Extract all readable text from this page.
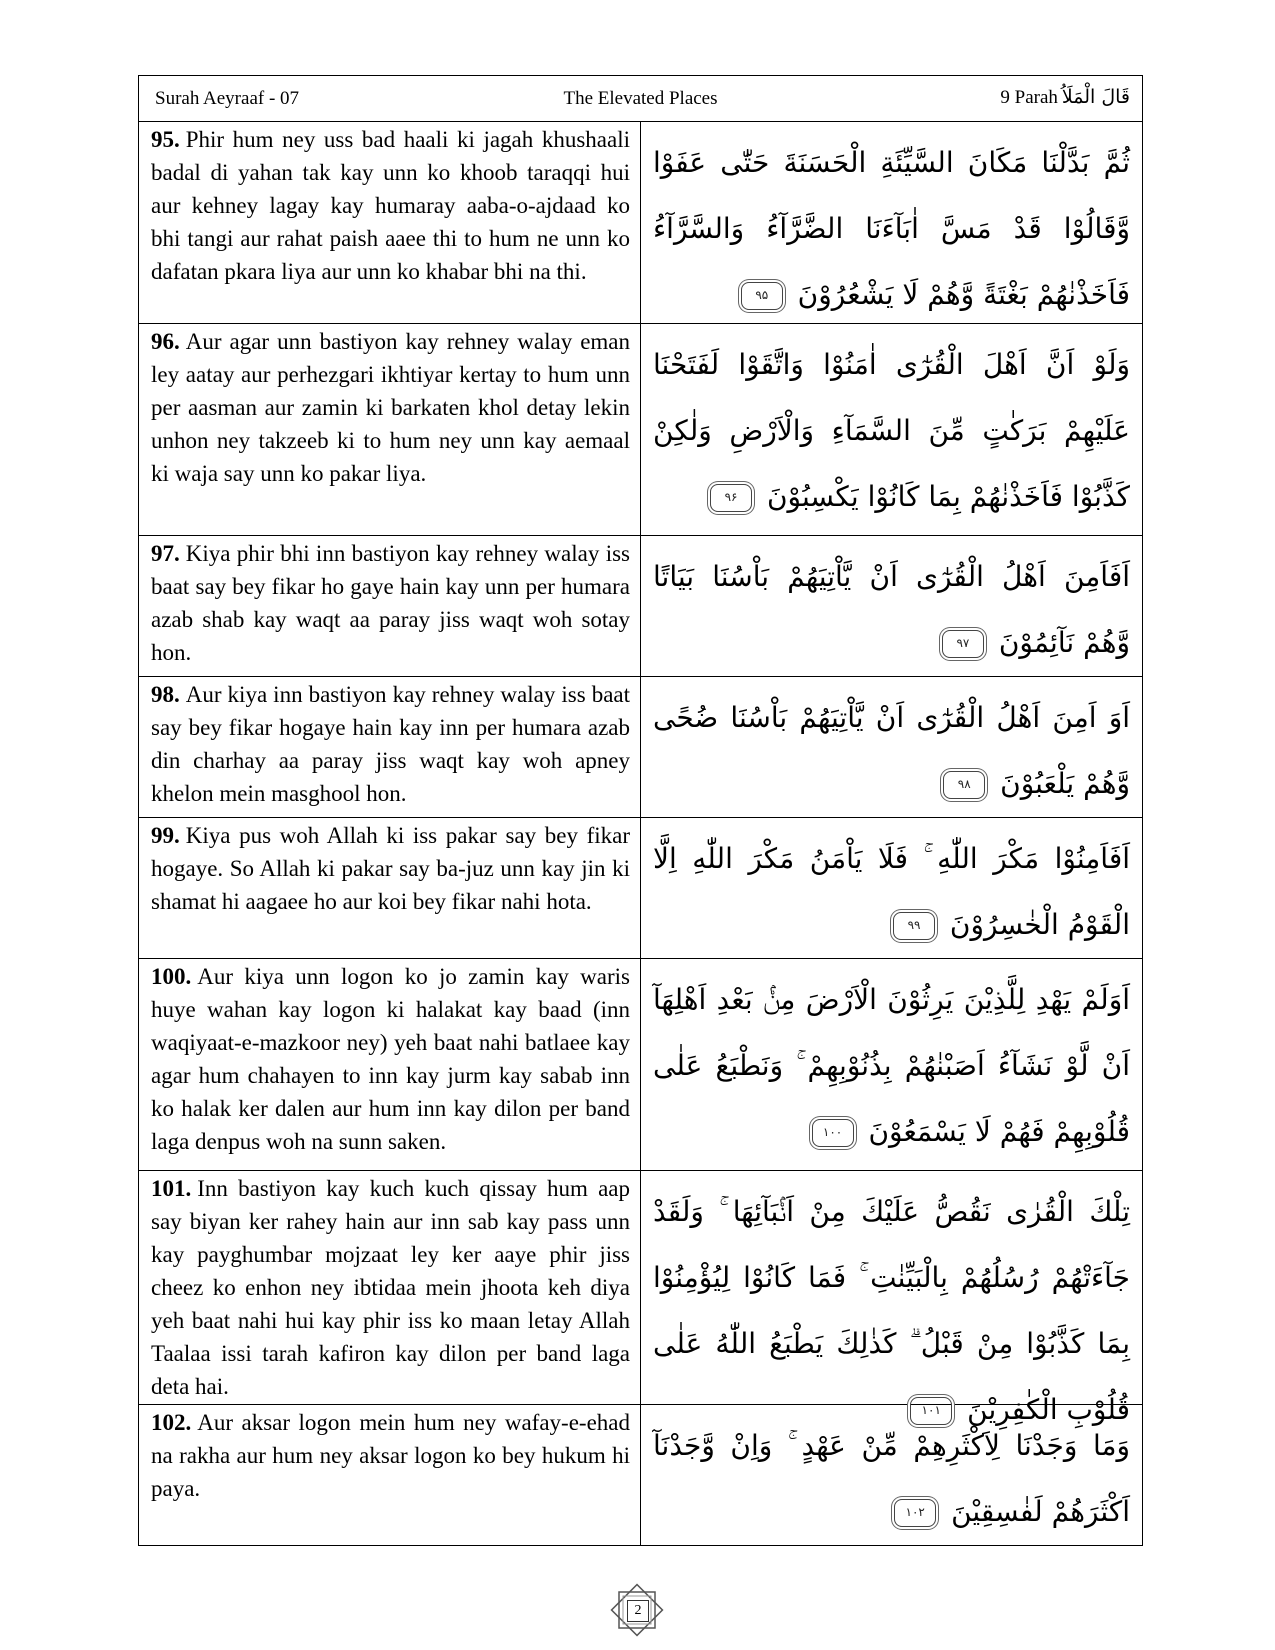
Surah Aeyraaf - 07	The Elevated Places	9 Parah قَالَ الْمَلَاُ
95. Phir hum ney uss bad haali ki jagah khushaali badal di yahan tak kay unn ko khoob taraqqi hui aur kehney lagay kay humaray aaba-o-ajdaad ko bhi tangi aur rahat paish aaee thi to hum ne unn ko dafatan pkara liya aur unn ko khabar bhi na thi.
ثُمَّ بَدَّلْنَا مَكَانَ السَّيِّئَةِ الْحَسَنَةَ حَتّٰى عَفَوْا وَّقَالُوْا قَدْ مَسَّ اٰبَآءَنَا الضَّرَّآءُ وَالسَّرَّآءُ فَاَخَذْنٰهُمْ بَغْتَةً وَّهُمْ لَا يَشْعُرُوْنَ ۹۵
96. Aur agar unn bastiyon kay rehney walay eman ley aatay aur perhezgari ikhtiyar kertay to hum unn per aasman aur zamin ki barkaten khol detay lekin unhon ney takzeeb ki to hum ney unn kay aemaal ki waja say unn ko pakar liya.
وَلَوْ اَنَّ اَهْلَ الْقُرٰٓى اٰمَنُوْا وَاتَّقَوْا لَفَتَحْنَا عَلَيْهِمْ بَرَكٰتٍ مِّنَ السَّمَآءِ وَالْاَرْضِ وَلٰكِنْ كَذَّبُوْا فَاَخَذْنٰهُمْ بِمَا كَانُوْا يَكْسِبُوْنَ ۹۶
97. Kiya phir bhi inn bastiyon kay rehney walay iss baat say bey fikar ho gaye hain kay unn per humara azab shab kay waqt aa paray jiss waqt woh sotay hon.
اَفَاَمِنَ اَهْلُ الْقُرٰٓى اَنْ يَّاْتِيَهُمْ بَاْسُنَا بَيَاتًا وَّهُمْ نَآئِمُوْنَ ۹۷
98. Aur kiya inn bastiyon kay rehney walay iss baat say bey fikar hogaye hain kay inn per humara azab din charhay aa paray jiss waqt kay woh apney khelon mein masghool hon.
اَوَ اَمِنَ اَهْلُ الْقُرٰٓى اَنْ يَّاْتِيَهُمْ بَاْسُنَا ضُحًى وَّهُمْ يَلْعَبُوْنَ ۹۸
99. Kiya pus woh Allah ki iss pakar say bey fikar hogaye. So Allah ki pakar say ba-juz unn kay jin ki shamat hi aagaee ho aur koi bey fikar nahi hota.
اَفَاَمِنُوْا مَكْرَ اللّٰهِ ۚ فَلَا يَاْمَنُ مَكْرَ اللّٰهِ اِلَّا الْقَوْمُ الْخٰسِرُوْنَ ۹۹
100. Aur kiya unn logon ko jo zamin kay waris huye wahan kay logon ki halakat kay baad (inn waqiyaat-e-mazkoor ney) yeh baat nahi batlaee kay agar hum chahayen to inn kay jurm kay sabab inn ko halak ker dalen aur hum inn kay dilon per band laga denpus woh na sunn saken.
اَوَلَمْ يَهْدِ لِلَّذِيْنَ يَرِثُوْنَ الْاَرْضَ مِنْۢ بَعْدِ اَهْلِهَآ اَنْ لَّوْ نَشَآءُ اَصَبْنٰهُمْ بِذُنُوْبِهِمْ ۚ وَنَطْبَعُ عَلٰى قُلُوْبِهِمْ فَهُمْ لَا يَسْمَعُوْنَ ۱۰۰
101. Inn bastiyon kay kuch kuch qissay hum aap say biyan ker rahey hain aur inn sab kay pass unn kay payghumbar mojzaat ley ker aaye phir jiss cheez ko enhon ney ibtidaa mein jhoota keh diya yeh baat nahi hui kay phir iss ko maan letay Allah Taalaa issi tarah kafiron kay dilon per band laga deta hai.
تِلْكَ الْقُرٰى نَقُصُّ عَلَيْكَ مِنْ اَنْۢبَآئِهَا ۚ وَلَقَدْ جَآءَتْهُمْ رُسُلُهُمْ بِالْبَيِّنٰتِ ۚ فَمَا كَانُوْا لِيُؤْمِنُوْا بِمَا كَذَّبُوْا مِنْ قَبْلُ ۗ كَذٰلِكَ يَطْبَعُ اللّٰهُ عَلٰى قُلُوْبِ الْكٰفِرِيْنَ ۱۰۱
102. Aur aksar logon mein hum ney wafay-e-ehad na rakha aur hum ney aksar logon ko bey hukum hi paya.
وَمَا وَجَدْنَا لِاَكْثَرِهِمْ مِّنْ عَهْدٍ ۚ وَاِنْ وَّجَدْنَآ اَكْثَرَهُمْ لَفٰسِقِيْنَ ۱۰۲
2
